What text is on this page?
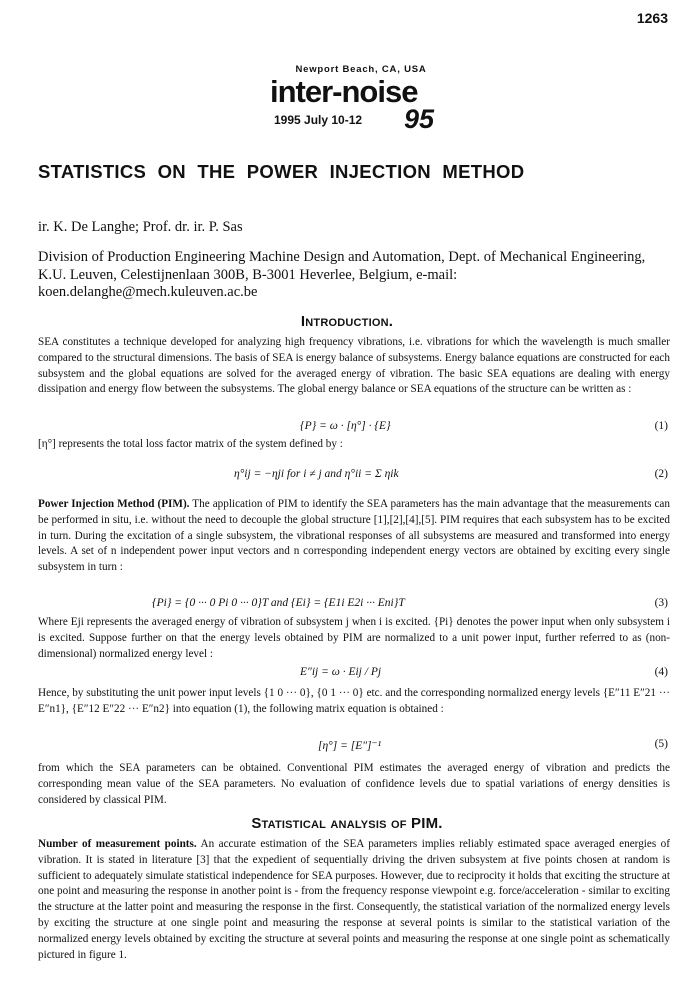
1263
Newport Beach, CA, USA
inter-noise
1995 July 10-12 95
STATISTICS ON THE POWER INJECTION METHOD
ir. K. De Langhe; Prof. dr. ir. P. Sas
Division of Production Engineering Machine Design and Automation, Dept. of Mechanical Engineering, K.U. Leuven, Celestijnenlaan 300B, B-3001 Heverlee, Belgium, e-mail: koen.delanghe@mech.kuleuven.ac.be
Introduction.
SEA constitutes a technique developed for analyzing high frequency vibrations, i.e. vibrations for which the wavelength is much smaller compared to the structural dimensions. The basis of SEA is energy balance of subsystems. Energy balance equations are constructed for each subsystem and the global equations are solved for the averaged energy of vibration. The basic SEA equations are dealing with energy dissipation and energy flow between the subsystems. The global energy balance or SEA equations of the structure can be written as :
{P} = ω · [η°] · {E}	(1)
[η°] represents the total loss factor matrix of the system defined by :
η°ij = −ηji for i ≠ j and η°ii = Σ ηik	(2)
Power Injection Method (PIM). The application of PIM to identify the SEA parameters has the main advantage that the measurements can be performed in situ, i.e. without the need to decouple the global structure [1],[2],[4],[5]. PIM requires that each subsystem has to be excited in turn. During the excitation of a single subsystem, the vibrational responses of all subsystems are measured and transformed into energy levels. A set of n independent power input vectors and n corresponding independent energy vectors are obtained by exciting every single subsystem in turn :
{Pi} = {0 ··· 0 Pi 0 ··· 0}T and {Ei} = {E1i E2i ··· Eni}T	(3)
Where Eji represents the averaged energy of vibration of subsystem j when i is excited. {Pi} denotes the power input when only subsystem i is excited. Suppose further on that the energy levels obtained by PIM are normalized to a unit power input, further referred to as (non-dimensional) normalized energy level :
E″ij = ω · Eij / Pj	(4)
Hence, by substituting the unit power input levels {1 0 ··· 0}, {0 1 ··· 0} etc. and the corresponding normalized energy levels {E″11 E″21 ··· E″n1}, {E″12 E″22 ··· E″n2} into equation (1), the following matrix equation is obtained :
[η°] = [E″]⁻¹	(5)
from which the SEA parameters can be obtained. Conventional PIM estimates the averaged energy of vibration and predicts the corresponding mean value of the SEA parameters. No evaluation of confidence levels due to spatial variations of energy densities is considered by classical PIM.
Statistical analysis of PIM.
Number of measurement points. An accurate estimation of the SEA parameters implies reliably estimated space averaged energies of vibration. It is stated in literature [3] that the expedient of sequentially driving the driven subsystem at five points chosen at random is sufficient to adequately simulate statistical independence for SEA purposes. However, due to reciprocity it holds that exciting the structure at one point and measuring the response in another point is - from the frequency response viewpoint e.g. force/acceleration - similar to exciting the structure at the latter point and measuring the response in the first. Consequently, the statistical variation of the normalized energy levels by exciting the structure at one single point and measuring the response at several points is similar to the statistical variation of the normalized energy levels obtained by exciting the structure at several points and measuring the response at one single point as schematically pictured in figure 1.
